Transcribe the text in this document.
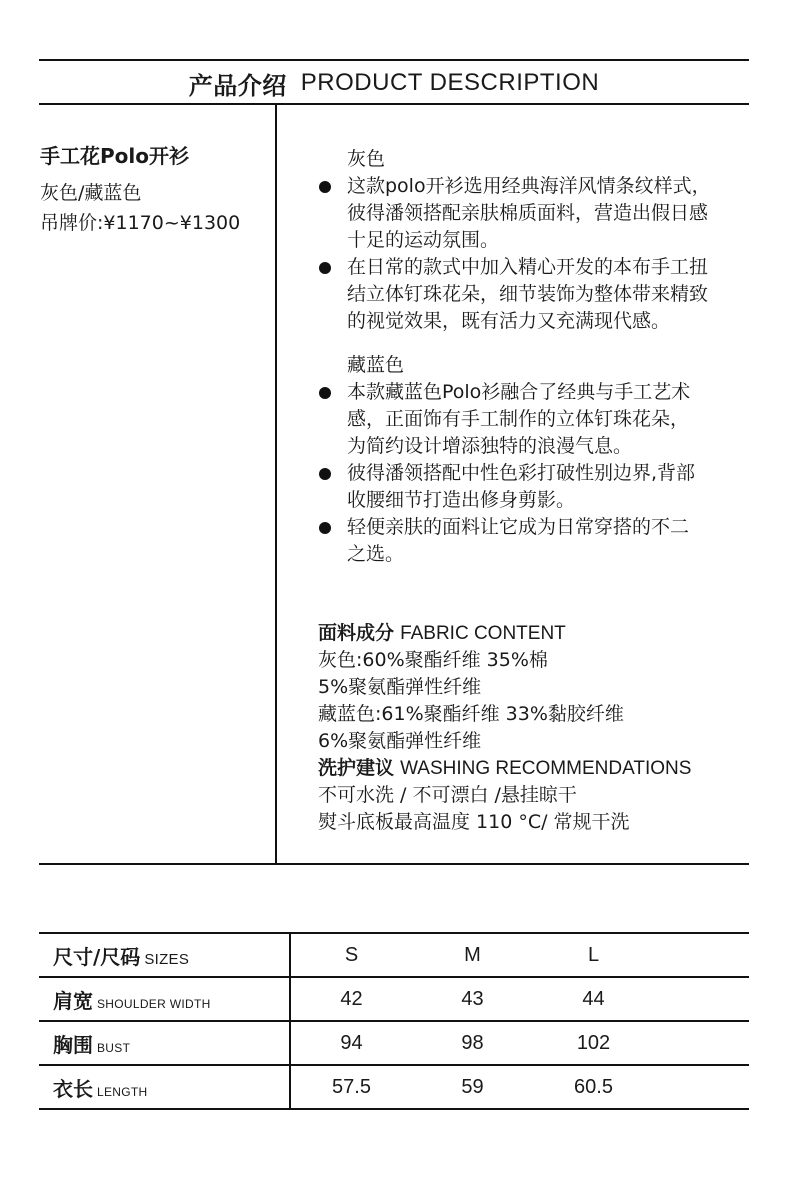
产品介绍 PRODUCT DESCRIPTION
手工花Polo开衫
灰色/藏蓝色
吊牌价:¥1170~¥1300
灰色
这款polo开衫选用经典海洋风情条纹样式，
彼得潘领搭配亲肤棉质面料，营造出假日感
十足的运动氛围。
在日常的款式中加入精心开发的本布手工扭
结立体钉珠花朵，细节装饰为整体带来精致
的视觉效果，既有活力又充满现代感。
藏蓝色
本款藏蓝色Polo衫融合了经典与手工艺术
感，正面饰有手工制作的立体钉珠花朵，
为简约设计增添独特的浪漫气息。
彼得潘领搭配中性色彩打破性别边界,背部
收腰细节打造出修身剪影。
轻便亲肤的面料让它成为日常穿搭的不二
之选。
面料成分 FABRIC CONTENT
灰色:60%聚酯纤维 35%棉
5%聚氨酯弹性纤维
藏蓝色:61%聚酯纤维 33%黏胶纤维
6%聚氨酯弹性纤维
洗护建议 WASHING RECOMMENDATIONS
不可水洗 / 不可漂白 /悬挂晾干
熨斗底板最高温度 110 °C/ 常规干洗
尺寸/尺码 SIZES	S	M	L	
肩宽 SHOULDER WIDTH	42	43	44	
胸围 BUST	94	98	102	
衣长 LENGTH	57.5	59	60.5	
